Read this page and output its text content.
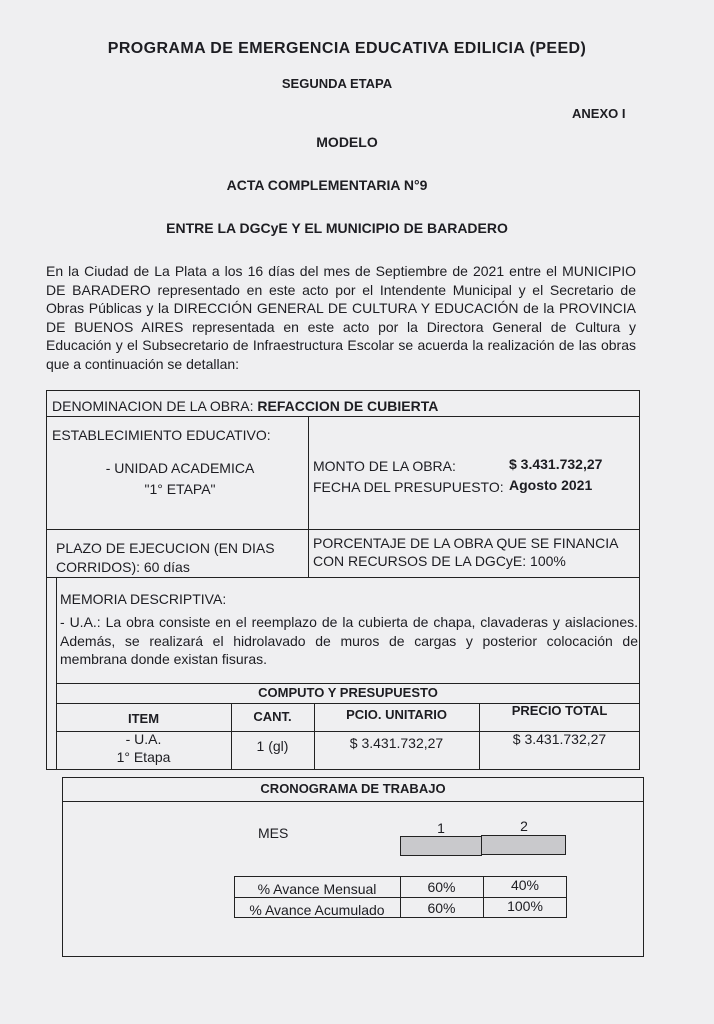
PROGRAMA DE EMERGENCIA EDUCATIVA EDILICIA (PEED)
SEGUNDA ETAPA
ANEXO I
MODELO
ACTA COMPLEMENTARIA N°9
ENTRE LA DGCyE Y EL MUNICIPIO DE BARADERO
En la Ciudad de La Plata a los 16 días del mes de Septiembre de 2021 entre el MUNICIPIO DE BARADERO representado en este acto por el Intendente Municipal y el Secretario de Obras Públicas y la DIRECCIÓN GENERAL DE CULTURA Y EDUCACIÓN de la PROVINCIA DE BUENOS AIRES representada en este acto por la Directora General de Cultura y Educación y el Subsecretario de Infraestructura Escolar se acuerda la realización de las obras que a continuación se detallan:
DENOMINACION DE LA OBRA: REFACCION DE CUBIERTA
ESTABLECIMIENTO EDUCATIVO:
- UNIDAD ACADEMICA
"1° ETAPA"
MONTO DE LA OBRA:	$ 3.431.732,27
FECHA DEL PRESUPUESTO: Agosto 2021
PLAZO DE EJECUCION (EN DIAS
CORRIDOS): 60 días
PORCENTAJE DE LA OBRA QUE SE FINANCIA
CON RECURSOS DE LA DGCyE: 100%
MEMORIA DESCRIPTIVA:
- U.A.: La obra consiste en el reemplazo de la cubierta de chapa, clavaderas y aislaciones. Además, se realizará el hidrolavado de muros de cargas y posterior colocación de membrana donde existan fisuras.
COMPUTO Y PRESUPUESTO
ITEM	CANT.	PCIO. UNITARIO	PRECIO TOTAL
- U.A.
1° Etapa
1 (gl)	$ 3.431.732,27	$ 3.431.732,27
CRONOGRAMA DE TRABAJO
MES	1	2
% Avance Mensual	60%	40%
% Avance Acumulado	60%	100%
